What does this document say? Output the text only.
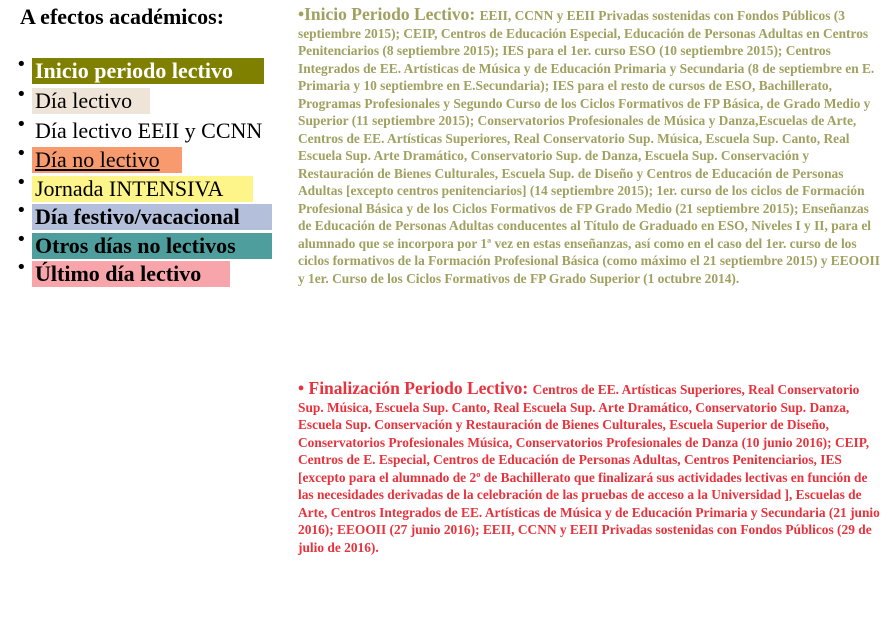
A efectos académicos:
• Inicio periodo lectivo
• Día lectivo
• Día lectivo EEII y CCNN
• Día no lectivo
• Jornada INTENSIVA
• Día festivo/vacacional
• Otros días no lectivos
• Último día lectivo

•Inicio Periodo Lectivo: EEII, CCNN y EEII Privadas sostenidas con Fondos Públicos (3 septiembre 2015); CEIP, Centros de Educación Especial, Educación de Personas Adultas en Centros Penitenciarios (8 septiembre 2015); IES para el 1er. curso ESO (10 septiembre 2015); Centros Integrados de EE. Artísticas de Música y de Educación Primaria y Secundaria (8 de septiembre en E. Primaria y 10 septiembre en E.Secundaria); IES para el resto de cursos de ESO, Bachillerato, Programas Profesionales y Segundo Curso de los Ciclos Formativos de FP Básica, de Grado Medio y Superior (11 septiembre 2015); Conservatorios Profesionales de Música y Danza,Escuelas de Arte, Centros de EE. Artísticas Superiores, Real Conservatorio Sup. Música, Escuela Sup. Canto, Real Escuela Sup. Arte Dramático, Conservatorio Sup. de Danza, Escuela Sup. Conservación y Restauración de Bienes Culturales, Escuela Sup. de Diseño y Centros de Educación de Personas Adultas [excepto centros penitenciarios] (14 septiembre 2015); 1er. curso de los ciclos de Formación Profesional Básica y de los Ciclos Formativos de FP Grado Medio (21 septiembre 2015); Enseñanzas de Educación de Personas Adultas conducentes al Título de Graduado en ESO, Niveles I y II, para el alumnado que se incorpora por 1ª vez en estas enseñanzas, así como en el caso del 1er. curso de los ciclos formativos de la Formación Profesional Básica (como máximo el 21 septiembre 2015) y EEOOII y 1er. Curso de los Ciclos Formativos de FP Grado Superior (1 octubre 2014).

• Finalización Periodo Lectivo: Centros de EE. Artísticas Superiores, Real Conservatorio Sup. Música, Escuela Sup. Canto, Real Escuela Sup. Arte Dramático, Conservatorio Sup. Danza, Escuela Sup. Conservación y Restauración de Bienes Culturales, Escuela Superior de Diseño, Conservatorios Profesionales Música, Conservatorios Profesionales de Danza (10 junio 2016); CEIP, Centros de E. Especial, Centros de Educación de Personas Adultas, Centros Penitenciarios, IES [excepto para el alumnado de 2º de Bachillerato que finalizará sus actividades lectivas en función de las necesidades derivadas de la celebración de las pruebas de acceso a la Universidad ], Escuelas de Arte, Centros Integrados de EE. Artísticas de Música y de Educación Primaria y Secundaria (21 junio 2016); EEOOII (27 junio 2016); EEII, CCNN y EEII Privadas sostenidas con Fondos Públicos (29 de julio de 2016).
